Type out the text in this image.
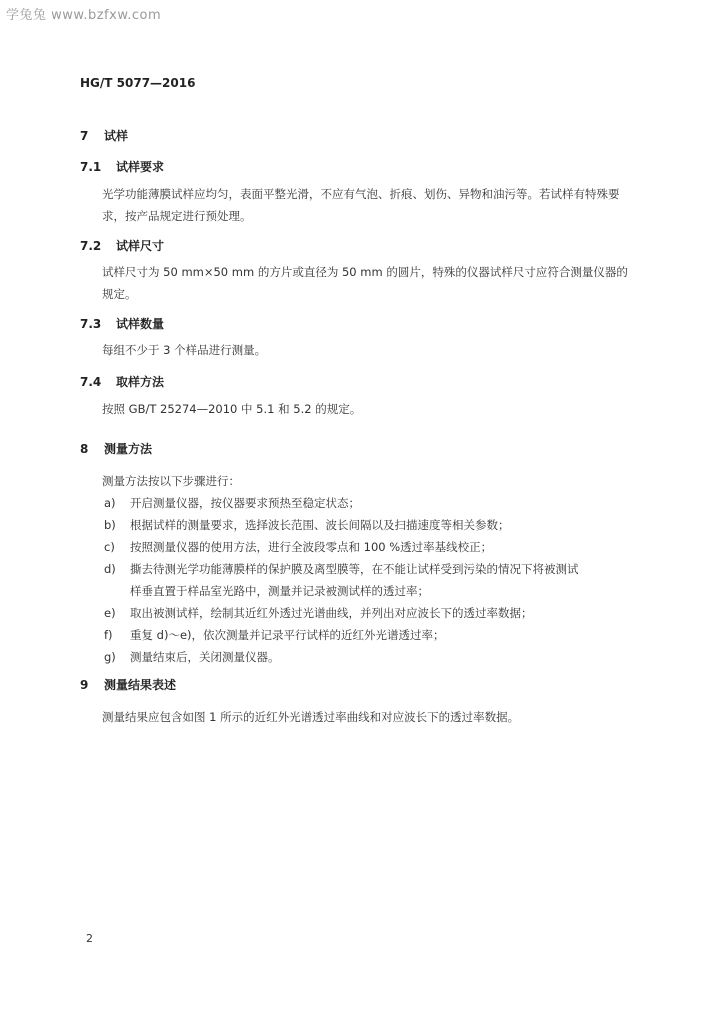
学兔兔 www.bzfxw.com
HG/T 5077—2016
7 试样
7.1 试样要求
光学功能薄膜试样应均匀，表面平整光滑，不应有气泡、折痕、划伤、异物和油污等。若试样有特殊要求，按产品规定进行预处理。
7.2 试样尺寸
试样尺寸为 50 mm×50 mm 的方片或直径为 50 mm 的圆片，特殊的仪器试样尺寸应符合测量仪器的规定。
7.3 试样数量
每组不少于 3 个样品进行测量。
7.4 取样方法
按照 GB/T 25274—2010 中 5.1 和 5.2 的规定。
8 测量方法
测量方法按以下步骤进行：
a) 开启测量仪器，按仪器要求预热至稳定状态；
b) 根据试样的测量要求，选择波长范围、波长间隔以及扫描速度等相关参数；
c) 按照测量仪器的使用方法，进行全波段零点和 100 %透过率基线校正；
d) 撕去待测光学功能薄膜样的保护膜及离型膜等，在不能让试样受到污染的情况下将被测试
样垂直置于样品室光路中，测量并记录被测试样的透过率；
e) 取出被测试样，绘制其近红外透过光谱曲线，并列出对应波长下的透过率数据；
f) 重复 d)～e)，依次测量并记录平行试样的近红外光谱透过率；
g) 测量结束后，关闭测量仪器。
9 测量结果表述
测量结果应包含如图 1 所示的近红外光谱透过率曲线和对应波长下的透过率数据。
2
